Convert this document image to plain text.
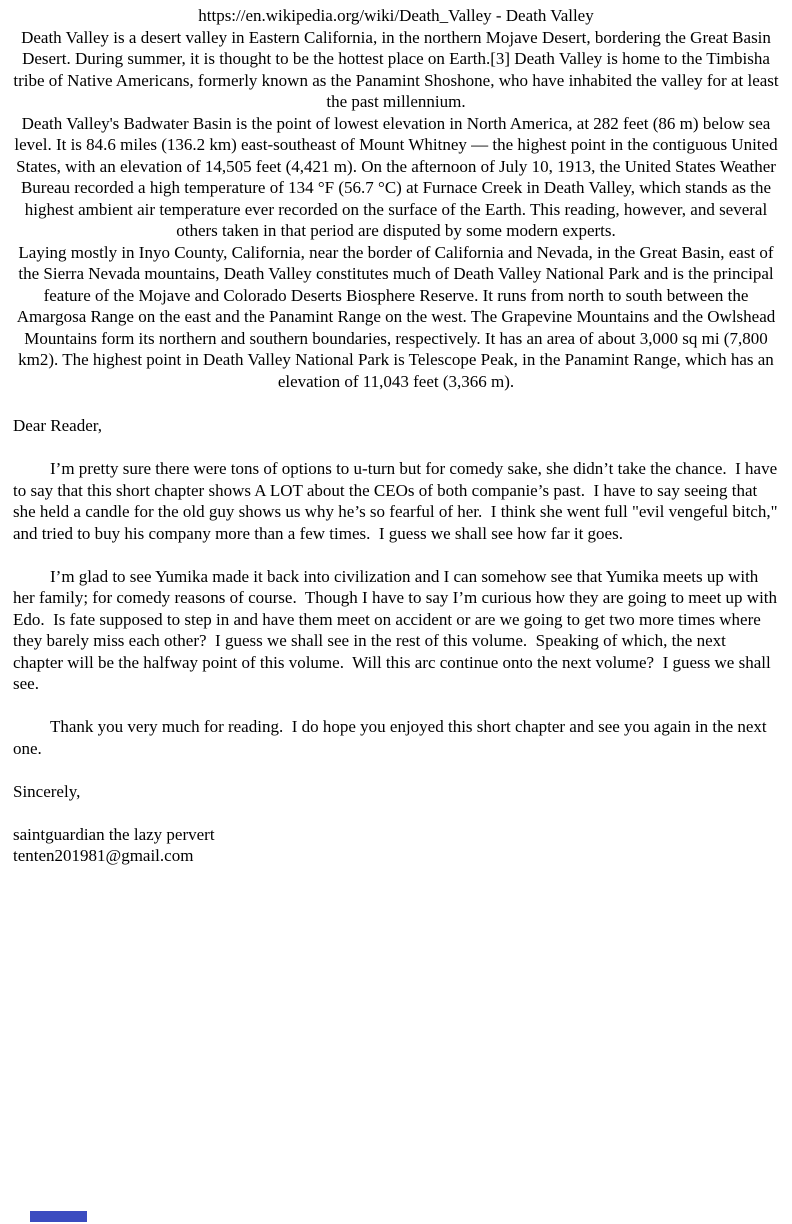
https://en.wikipedia.org/wiki/Death_Valley - Death Valley

Death Valley is a desert valley in Eastern California, in the northern Mojave Desert, bordering the Great Basin Desert. During summer, it is thought to be the hottest place on Earth.[3] Death Valley is home to the Timbisha tribe of Native Americans, formerly known as the Panamint Shoshone, who have inhabited the valley for at least the past millennium.

Death Valley's Badwater Basin is the point of lowest elevation in North America, at 282 feet (86 m) below sea level. It is 84.6 miles (136.2 km) east-southeast of Mount Whitney — the highest point in the contiguous United States, with an elevation of 14,505 feet (4,421 m). On the afternoon of July 10, 1913, the United States Weather Bureau recorded a high temperature of 134 °F (56.7 °C) at Furnace Creek in Death Valley, which stands as the highest ambient air temperature ever recorded on the surface of the Earth. This reading, however, and several others taken in that period are disputed by some modern experts.

Laying mostly in Inyo County, California, near the border of California and Nevada, in the Great Basin, east of the Sierra Nevada mountains, Death Valley constitutes much of Death Valley National Park and is the principal feature of the Mojave and Colorado Deserts Biosphere Reserve. It runs from north to south between the Amargosa Range on the east and the Panamint Range on the west. The Grapevine Mountains and the Owlshead Mountains form its northern and southern boundaries, respectively. It has an area of about 3,000 sq mi (7,800 km2). The highest point in Death Valley National Park is Telescope Peak, in the Panamint Range, which has an elevation of 11,043 feet (3,366 m).

Dear Reader,

I’m pretty sure there were tons of options to u-turn but for comedy sake, she didn’t take the chance.  I have to say that this short chapter shows A LOT about the CEOs of both companie’s past.  I have to say seeing that she held a candle for the old guy shows us why he’s so fearful of her.  I think she went full "evil vengeful bitch," and tried to buy his company more than a few times.  I guess we shall see how far it goes.

I’m glad to see Yumika made it back into civilization and I can somehow see that Yumika meets up with her family; for comedy reasons of course.  Though I have to say I’m curious how they are going to meet up with Edo.  Is fate supposed to step in and have them meet on accident or are we going to get two more times where they barely miss each other?  I guess we shall see in the rest of this volume.  Speaking of which, the next chapter will be the halfway point of this volume.  Will this arc continue onto the next volume?  I guess we shall see.

Thank you very much for reading.  I do hope you enjoyed this short chapter and see you again in the next one.

Sincerely,

saintguardian the lazy pervert

tenten201981@gmail.com
